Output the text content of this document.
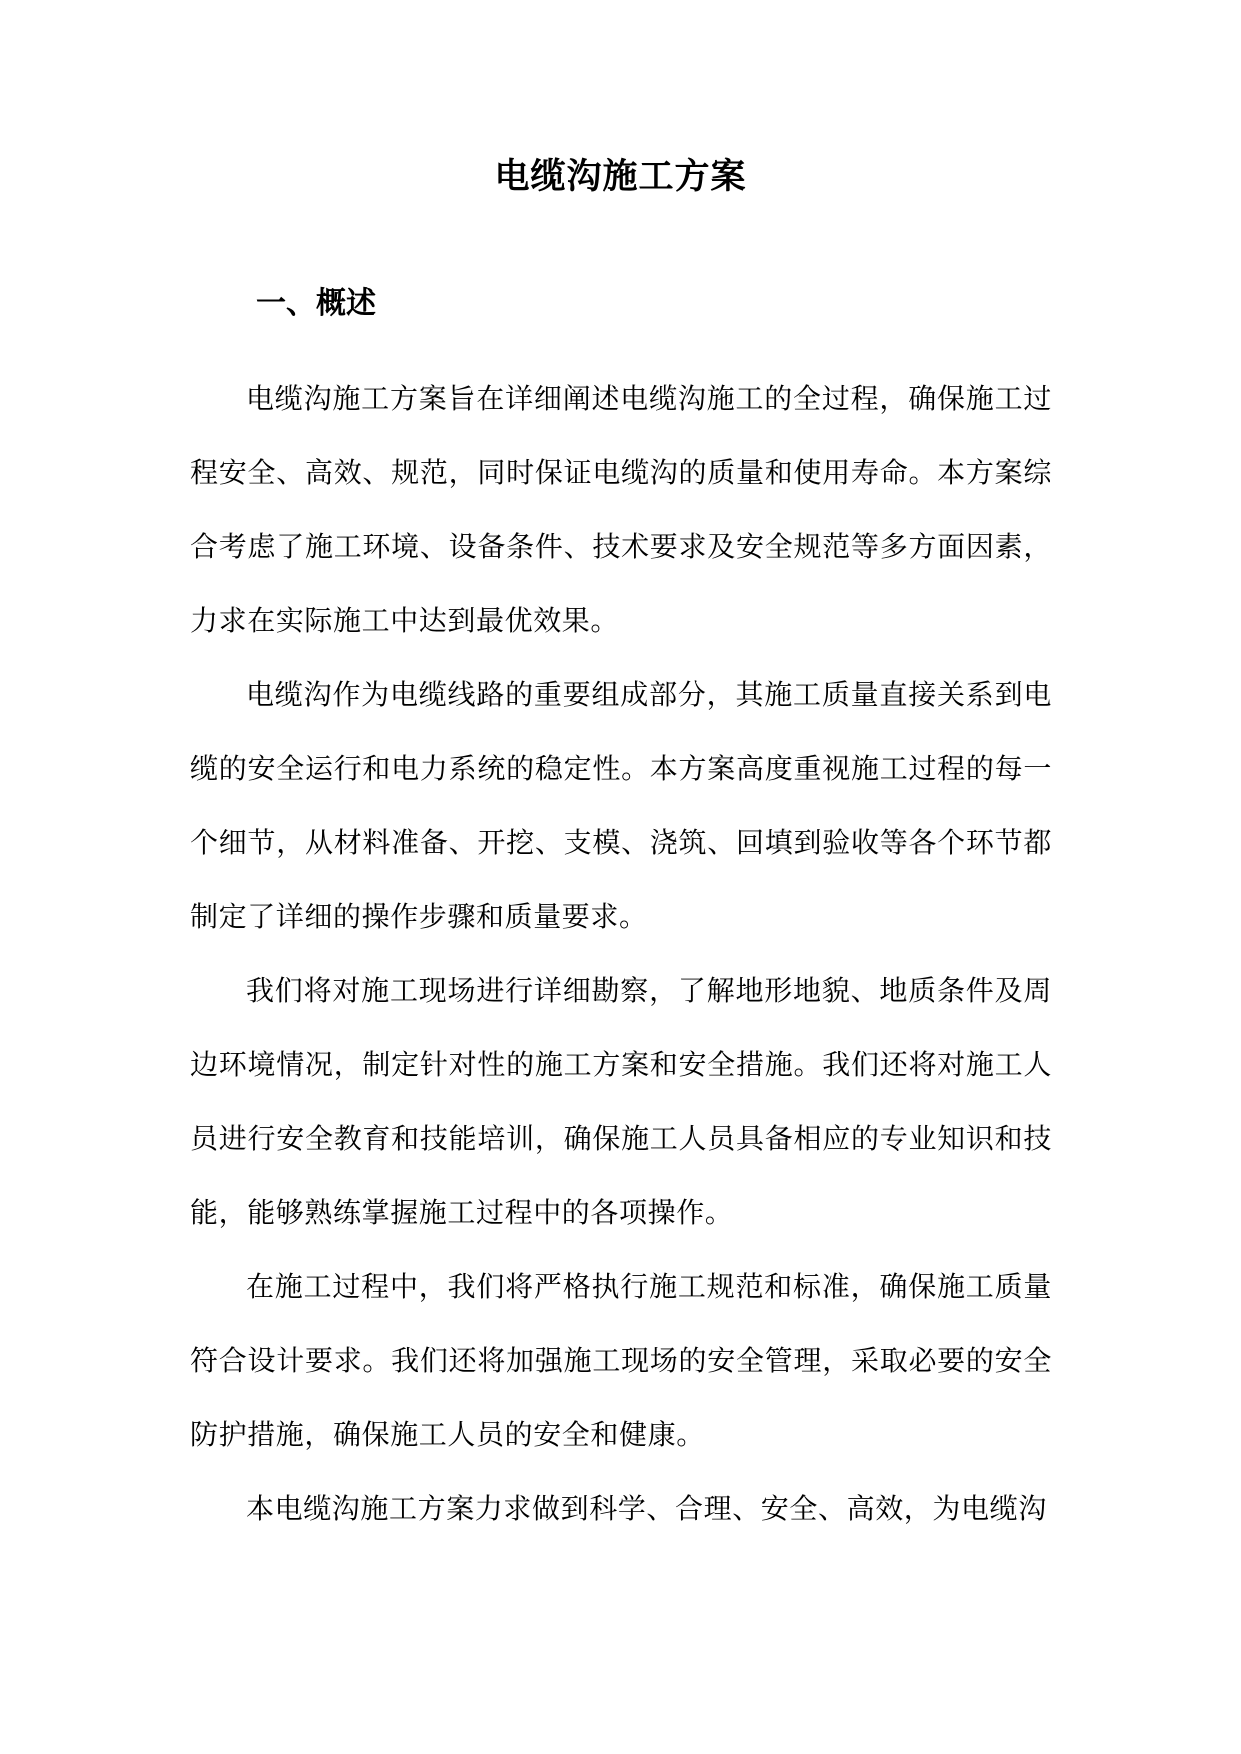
电缆沟施工方案
一、概述

电缆沟施工方案旨在详细阐述电缆沟施工的全过程，确保施工过程安全、高效、规范，同时保证电缆沟的质量和使用寿命。本方案综合考虑了施工环境、设备条件、技术要求及安全规范等多方面因素，力求在实际施工中达到最优效果。

电缆沟作为电缆线路的重要组成部分，其施工质量直接关系到电缆的安全运行和电力系统的稳定性。本方案高度重视施工过程的每一个细节，从材料准备、开挖、支模、浇筑、回填到验收等各个环节都制定了详细的操作步骤和质量要求。

我们将对施工现场进行详细勘察，了解地形地貌、地质条件及周边环境情况，制定针对性的施工方案和安全措施。我们还将对施工人员进行安全教育和技能培训，确保施工人员具备相应的专业知识和技能，能够熟练掌握施工过程中的各项操作。

在施工过程中，我们将严格执行施工规范和标准，确保施工质量符合设计要求。我们还将加强施工现场的安全管理，采取必要的安全防护措施，确保施工人员的安全和健康。

本电缆沟施工方案力求做到科学、合理、安全、高效，为电缆沟
